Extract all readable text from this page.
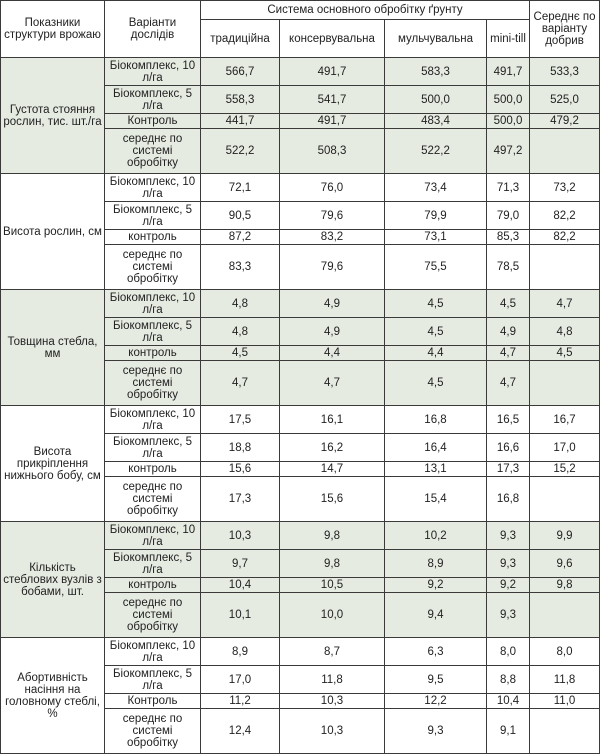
Показники структури врожаю	Варіанти дослідів	Система основного обробітку ґрунту				Середнє по варіанту добрив
		традиційна	консервувальна	мульчувальна	mini-till	
Густота стояння рослин, тис. шт./га	Біокомплекс, 10 л/га	566,7	491,7	583,3	491,7	533,3
	Біокомплекс, 5 л/га	558,3	541,7	500,0	500,0	525,0
	Контроль	441,7	491,7	483,4	500,0	479,2
	середнє по системі обробітку	522,2	508,3	522,2	497,2	
Висота рослин, см	Біокомплекс, 10 л/га	72,1	76,0	73,4	71,3	73,2
	Біокомплекс, 5 л/га	90,5	79,6	79,9	79,0	82,2
	контроль	87,2	83,2	73,1	85,3	82,2
	середнє по системі обробітку	83,3	79,6	75,5	78,5	
Товщина стебла, мм	Біокомплекс, 10 л/га	4,8	4,9	4,5	4,5	4,7
	Біокомплекс, 5 л/га	4,8	4,9	4,5	4,9	4,8
	контроль	4,5	4,4	4,4	4,7	4,5
	середнє по системі обробітку	4,7	4,7	4,5	4,7	
Висота прикріплення нижнього бобу, см	Біокомплекс, 10 л/га	17,5	16,1	16,8	16,5	16,7
	Біокомплекс, 5 л/га	18,8	16,2	16,4	16,6	17,0
	контроль	15,6	14,7	13,1	17,3	15,2
	середнє по системі обробітку	17,3	15,6	15,4	16,8	
Кількість стеблових вузлів з бобами, шт.	Біокомплекс, 10 л/га	10,3	9,8	10,2	9,3	9,9
	Біокомплекс, 5 л/га	9,7	9,8	8,9	9,3	9,6
	контроль	10,4	10,5	9,2	9,2	9,8
	середнє по системі обробітку	10,1	10,0	9,4	9,3	
Абортивність насіння на головному стеблі, %	Біокомплекс, 10 л/га	8,9	8,7	6,3	8,0	8,0
	Біокомплекс, 5 л/га	17,0	11,8	9,5	8,8	11,8
	Контроль	11,2	10,3	12,2	10,4	11,0
	середнє по системі обробітку	12,4	10,3	9,3	9,1	
